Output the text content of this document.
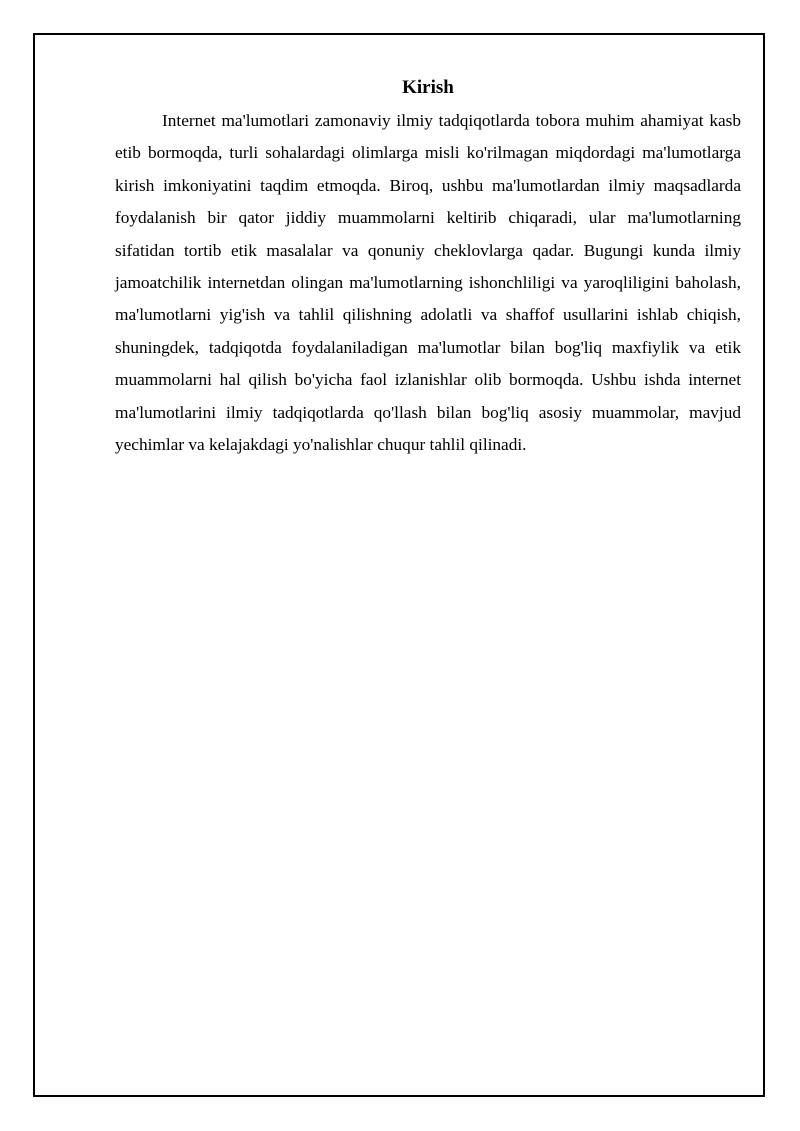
Kirish

Internet ma'lumotlari zamonaviy ilmiy tadqiqotlarda tobora muhim ahamiyat kasb etib bormoqda, turli sohalardagi olimlarga misli ko'rilmagan miqdordagi ma'lumotlarga kirish imkoniyatini taqdim etmoqda. Biroq, ushbu ma'lumotlardan ilmiy maqsadlarda foydalanish bir qator jiddiy muammolarni keltirib chiqaradi, ular ma'lumotlarning sifatidan tortib etik masalalar va qonuniy cheklovlarga qadar. Bugungi kunda ilmiy jamoatchilik internetdan olingan ma'lumotlarning ishonchliligi va yaroqliligini baholash, ma'lumotlarni yig'ish va tahlil qilishning adolatli va shaffof usullarini ishlab chiqish, shuningdek, tadqiqotda foydalaniladigan ma'lumotlar bilan bog'liq maxfiylik va etik muammolarni hal qilish bo'yicha faol izlanishlar olib bormoqda. Ushbu ishda internet ma'lumotlarini ilmiy tadqiqotlarda qo'llash bilan bog'liq asosiy muammolar, mavjud yechimlar va kelajakdagi yo'nalishlar chuqur tahlil qilinadi.
